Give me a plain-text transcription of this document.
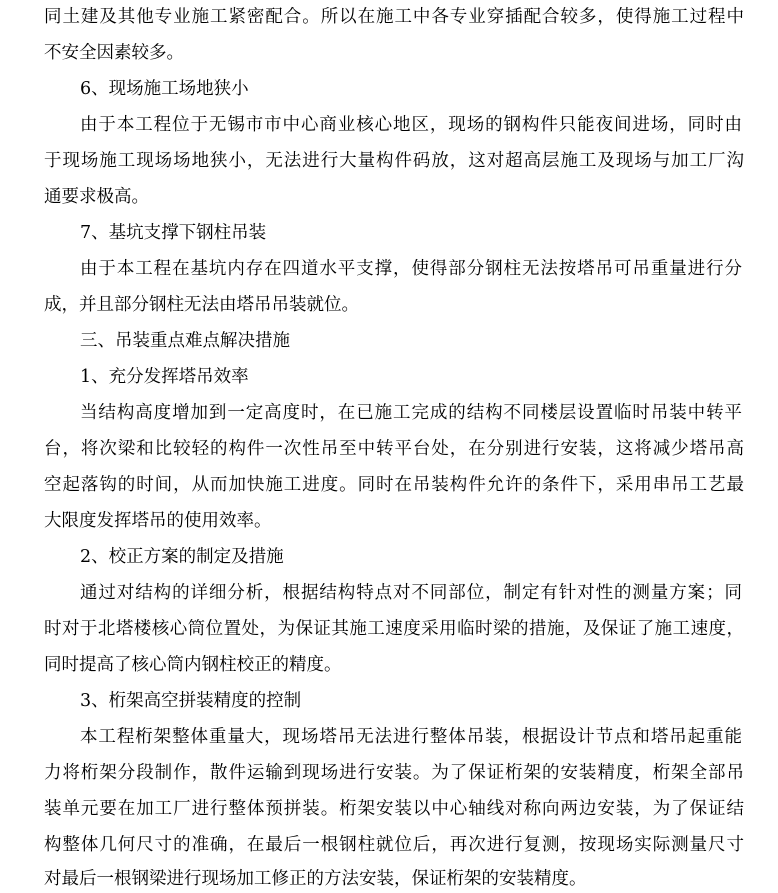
同土建及其他专业施工紧密配合。所以在施工中各专业穿插配合较多，使得施工过程中
不安全因素较多。
6、现场施工场地狭小
由于本工程位于无锡市市中心商业核心地区，现场的钢构件只能夜间进场，同时由
于现场施工现场场地狭小，无法进行大量构件码放，这对超高层施工及现场与加工厂沟
通要求极高。
7、基坑支撑下钢柱吊装
由于本工程在基坑内存在四道水平支撑，使得部分钢柱无法按塔吊可吊重量进行分
成，并且部分钢柱无法由塔吊吊装就位。
三、吊装重点难点解决措施
1、充分发挥塔吊效率
当结构高度增加到一定高度时，在已施工完成的结构不同楼层设置临时吊装中转平
台，将次梁和比较轻的构件一次性吊至中转平台处，在分别进行安装，这将减少塔吊高
空起落钩的时间，从而加快施工进度。同时在吊装构件允许的条件下，采用串吊工艺最
大限度发挥塔吊的使用效率。
2、校正方案的制定及措施
通过对结构的详细分析，根据结构特点对不同部位，制定有针对性的测量方案；同
时对于北塔楼核心筒位置处，为保证其施工速度采用临时梁的措施，及保证了施工速度，
同时提高了核心筒内钢柱校正的精度。
3、桁架高空拼装精度的控制
本工程桁架整体重量大，现场塔吊无法进行整体吊装，根据设计节点和塔吊起重能
力将桁架分段制作，散件运输到现场进行安装。为了保证桁架的安装精度，桁架全部吊
装单元要在加工厂进行整体预拼装。桁架安装以中心轴线对称向两边安装，为了保证结
构整体几何尺寸的准确，在最后一根钢柱就位后，再次进行复测，按现场实际测量尺寸
对最后一根钢梁进行现场加工修正的方法安装，保证桁架的安装精度。
